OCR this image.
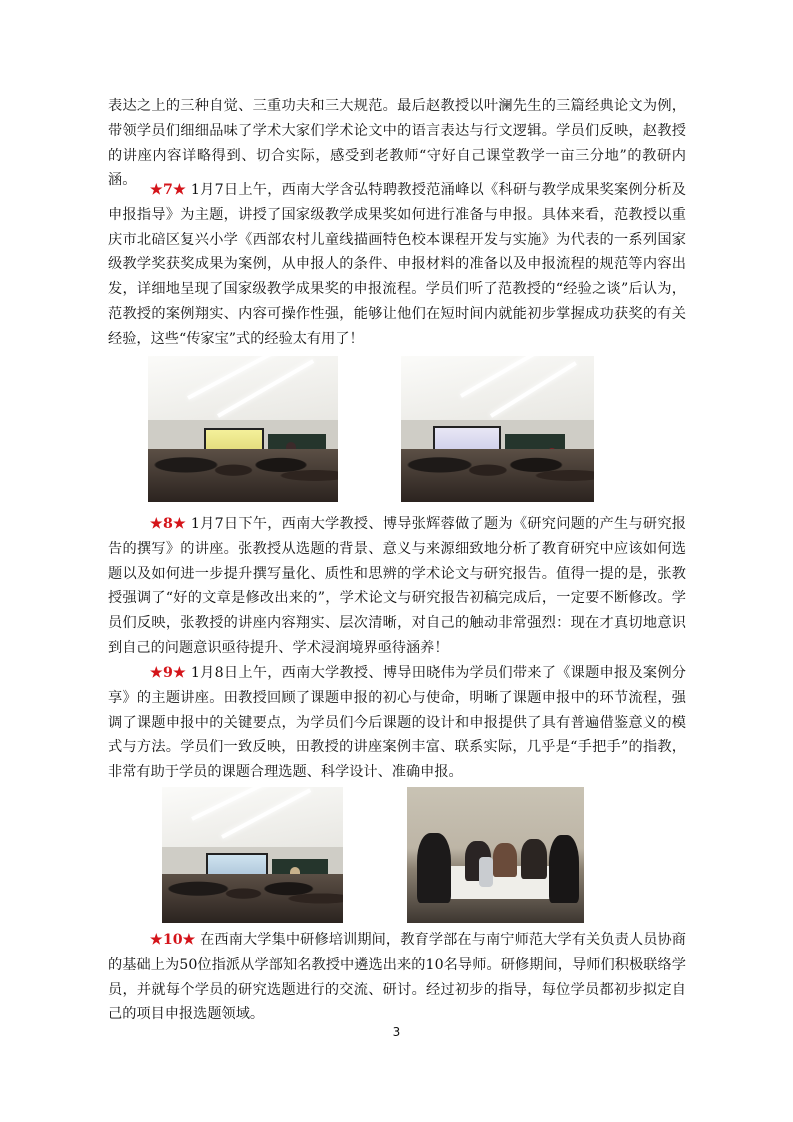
表达之上的三种自觉、三重功夫和三大规范。最后赵教授以叶澜先生的三篇经典论文为例，带领学员们细细品味了学术大家们学术论文中的语言表达与行文逻辑。学员们反映，赵教授的讲座内容详略得到、切合实际，感受到老教师“守好自己课堂教学一亩三分地”的教研内涵。

★7★ 1月7日上午，西南大学含弘特聘教授范涌峰以《科研与教学成果奖案例分析及申报指导》为主题，讲授了国家级教学成果奖如何进行准备与申报。具体来看，范教授以重庆市北碚区复兴小学《西部农村儿童线描画特色校本课程开发与实施》为代表的一系列国家级教学奖获奖成果为案例，从申报人的条件、申报材料的准备以及申报流程的规范等内容出发，详细地呈现了国家级教学成果奖的申报流程。学员们听了范教授的“经验之谈”后认为，范教授的案例翔实、内容可操作性强，能够让他们在短时间内就能初步掌握成功获奖的有关经验，这些“传家宝”式的经验太有用了！

★8★ 1月7日下午，西南大学教授、博导张辉蓉做了题为《研究问题的产生与研究报告的撰写》的讲座。张教授从选题的背景、意义与来源细致地分析了教育研究中应该如何选题以及如何进一步提升撰写量化、质性和思辨的学术论文与研究报告。值得一提的是，张教授强调了“好的文章是修改出来的”，学术论文与研究报告初稿完成后，一定要不断修改。学员们反映，张教授的讲座内容翔实、层次清晰，对自己的触动非常强烈：现在才真切地意识到自己的问题意识亟待提升、学术浸润境界亟待涵养！

★9★ 1月8日上午，西南大学教授、博导田晓伟为学员们带来了《课题申报及案例分享》的主题讲座。田教授回顾了课题申报的初心与使命，明晰了课题申报中的环节流程，强调了课题申报中的关键要点，为学员们今后课题的设计和申报提供了具有普遍借鉴意义的模式与方法。学员们一致反映，田教授的讲座案例丰富、联系实际，几乎是“手把手”的指教，非常有助于学员的课题合理选题、科学设计、准确申报。

★10★ 在西南大学集中研修培训期间，教育学部在与南宁师范大学有关负责人员协商的基础上为50位指派从学部知名教授中遴选出来的10名导师。研修期间，导师们积极联络学员，并就每个学员的研究选题进行的交流、研讨。经过初步的指导，每位学员都初步拟定自己的项目申报选题领域。

3
